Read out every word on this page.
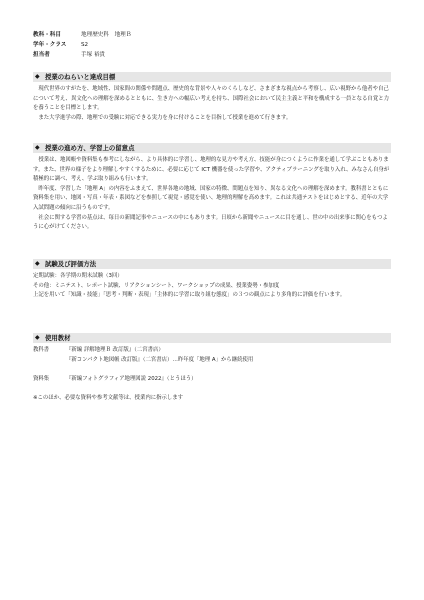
教科・科目	地理歴史科　地理Ｂ
学年・クラス	S2
担当者	手塚 裕貴
◆ 授業のねらいと達成目標

現代世界のすがたを、地域性、国家間の関係や問題点、歴史的な背景や人々のくらしなど、さまざまな視点から考察し、広い視野から他者や自己について考え、異文化への理解を深めるとともに、生き方への幅広い考えを持ち、国際社会において民主主義と平和を構成する一員となる自覚と力を養うことを目標とします。

また大学進学の際、地理での受験に対応できる実力を身に付けることを目指して授業を進めて行きます。

◆ 授業の進め方、学習上の留意点

授業は、地図帳や資料集も参考にしながら、より具体的に学習し、地理的な見方や考え方、技能が身につくように作業を通して学ぶこともあります。また、世界の様子をより理解しやすくするために、必要に応じて ICT 機器を使った学習や、アクティブラーニングを取り入れ、みなさん自身が積極的に調べ、考え、学ぶ取り組みも行います。

昨年度、学習した「地理 A」の内容をふまえて、世界各地の地域、国家の特徴、問題点を知り、異なる文化への理解を深めます。教科書とともに資料集を用い、地図・写真・年表・系図などを参照して視覚・感覚を使い、地理的理解を高めます。これは共通テストをはじめとする、近年の大学入試問題の傾向に沿うものです。

社会に関する学習の基点は、毎日の新聞記事やニュースの中にもあります。日頃から新聞やニュースに目を通し、世の中の出来事に関心をもつように心がけてください。

◆ 試験及び評価方法
定期試験：各学期の期末試験（3回）
その他：ミニテスト、レポート試験、リアクションシート、ワークショップの成果、授業姿勢・参加度
上記を用いて「知識・技能」「思考・判断・表現」「主体的に学習に取り組む態度」の３つの観点により多角的に評価を行います。
◆ 使用教材
教科書	『新編 詳解地理Ｂ 改訂版』（二宮書店）
『新コンパクト地図帳 改訂版』（二宮書店）…昨年度「地理 A」から継続使用
資料集	『新編フォトグラフィア地理図説 2022』（とうほう）
※このほか、必要な資料や参考文献等は、授業内に指示します
